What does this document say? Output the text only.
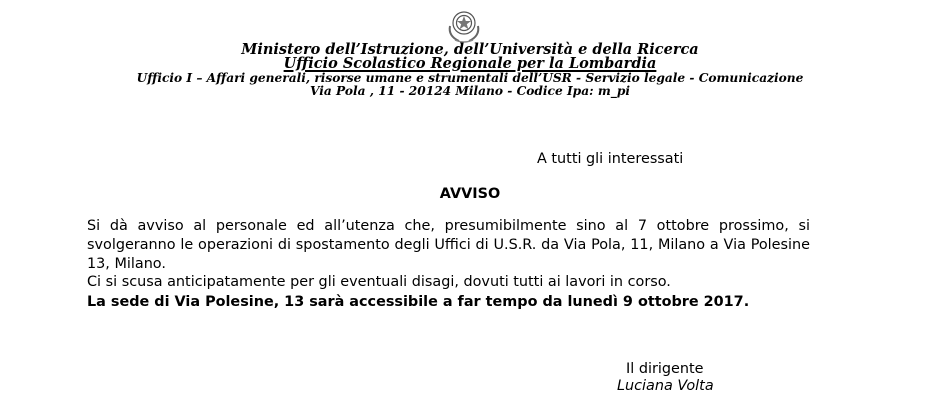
Ministero dell’Istruzione, dell’Università e della Ricerca
Ufficio Scolastico Regionale per la Lombardia
Ufficio I – Affari generali, risorse umane e strumentali dell’USR - Servizio legale - Comunicazione
Via Pola , 11 - 20124 Milano - Codice Ipa: m_pi
A tutti gli interessati
AVVISO

Si dà avviso al personale ed all’utenza che, presumibilmente sino al 7 ottobre prossimo, si svolgeranno le operazioni di spostamento degli Uffici di U.S.R. da Via Pola, 11, Milano a Via Polesine 13, Milano.

Ci si scusa anticipatamente per gli eventuali disagi, dovuti tutti ai lavori in corso.

La sede di Via Polesine, 13 sarà accessibile a far tempo da lunedì 9 ottobre 2017.

Il dirigente
Luciana Volta
